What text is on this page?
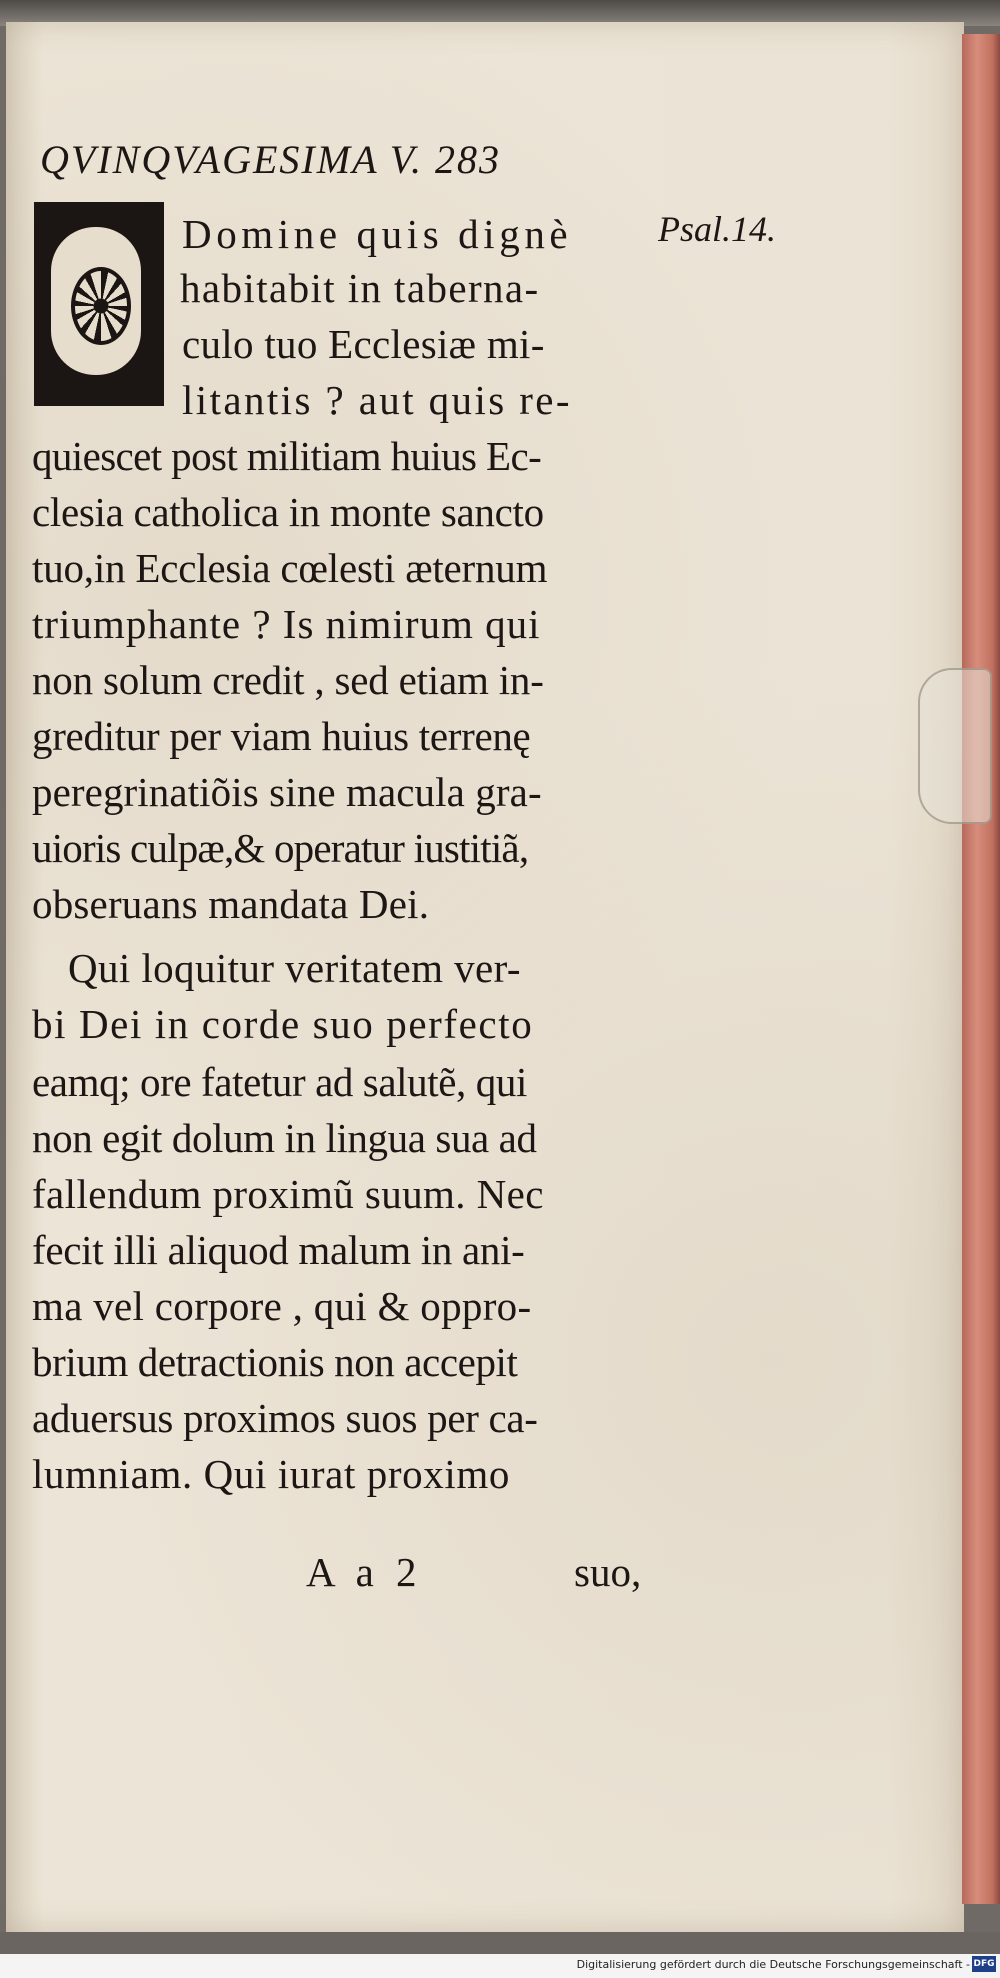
QVINQVAGESIMA V. 283
Psal.14.
Domine quis dignè
habitabit in taberna-
culo tuo Ecclesiæ mi-
litantis ? aut quis re-
quiescet post militiam huius Ec-
clesia catholica in monte sancto
tuo,in Ecclesia cœlesti æternum
triumphante ? Is nimirum qui
non solum credit , sed etiam in-
greditur per viam huius terrenę
peregrinatiõis sine macula gra-
uioris culpæ,& operatur iustitiã,
obseruans mandata Dei.
Qui loquitur veritatem ver-
bi Dei in corde suo perfecto
eamq; ore fatetur ad salutẽ, qui
non egit dolum in lingua sua ad
fallendum proximũ suum. Nec
fecit illi aliquod malum in ani-
ma vel corpore , qui & oppro-
brium detractionis non accepit
aduersus proximos suos per ca-
lumniam. Qui iurat proximo
A a 2	suo,
Digitalisierung gefördert durch die Deutsche Forschungsgemeinschaft - DFG
